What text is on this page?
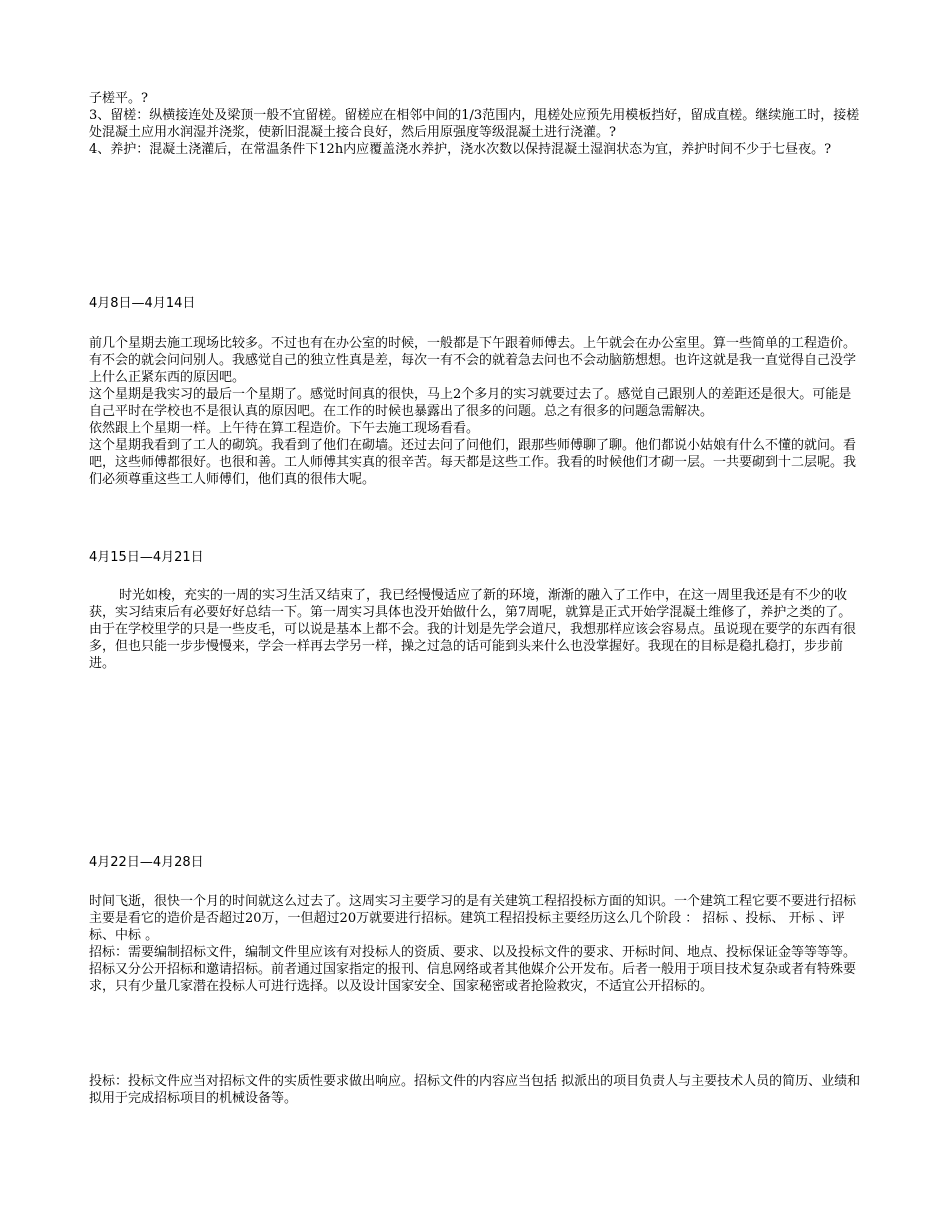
子槎平。?

3、留槎：纵横接连处及梁顶一般不宜留槎。留槎应在相邻中间的1/3范围内，甩槎处应预先用模板挡好，留成直槎。继续施工时，接槎处混凝土应用水润湿并浇浆，使新旧混凝土接合良好，然后用原强度等级混凝土进行浇灌。?

4、养护：混凝土浇灌后，在常温条件下12h内应覆盖浇水养护，浇水次数以保持混凝土湿润状态为宜，养护时间不少于七昼夜。?

4月8日—4月14日

前几个星期去施工现场比较多。不过也有在办公室的时候，一般都是下午跟着师傅去。上午就会在办公室里。算一些简单的工程造价。有不会的就会问问别人。我感觉自己的独立性真是差，每次一有不会的就着急去问也不会动脑筋想想。也许这就是我一直觉得自己没学上什么正紧东西的原因吧。

这个星期是我实习的最后一个星期了。感觉时间真的很快，马上2个多月的实习就要过去了。感觉自己跟别人的差距还是很大。可能是自己平时在学校也不是很认真的原因吧。在工作的时候也暴露出了很多的问题。总之有很多的问题急需解决。

依然跟上个星期一样。上午待在算工程造价。下午去施工现场看看。

这个星期我看到了工人的砌筑。我看到了他们在砌墙。还过去问了问他们，跟那些师傅聊了聊。他们都说小姑娘有什么不懂的就问。看吧，这些师傅都很好。也很和善。工人师傅其实真的很辛苦。每天都是这些工作。我看的时候他们才砌一层。一共要砌到十二层呢。我们必须尊重这些工人师傅们，他们真的很伟大呢。

4月15日—4月21日

时光如梭，充实的一周的实习生活又结束了，我已经慢慢适应了新的环境，渐渐的融入了工作中，在这一周里我还是有不少的收获，实习结束后有必要好好总结一下。第一周实习具体也没开始做什么，第7周呢，就算是正式开始学混凝土维修了，养护之类的了。由于在学校里学的只是一些皮毛，可以说是基本上都不会。我的计划是先学会道尺，我想那样应该会容易点。虽说现在要学的东西有很多，但也只能一步步慢慢来，学会一样再去学另一样，操之过急的话可能到头来什么也没掌握好。我现在的目标是稳扎稳打，步步前进。

4月22日—4月28日

时间飞逝，很快一个月的时间就这么过去了。这周实习主要学习的是有关建筑工程招投标方面的知识。一个建筑工程它要不要进行招标主要是看它的造价是否超过20万，一但超过20万就要进行招标。建筑工程招投标主要经历这么几个阶段 ： 招标 、投标、 开标 、评标、中标 。

招标：需要编制招标文件，编制文件里应该有对投标人的资质、要求、以及投标文件的要求、开标时间、地点、投标保证金等等等等。招标又分公开招标和邀请招标。前者通过国家指定的报刊、信息网络或者其他媒介公开发布。后者一般用于项目技术复杂或者有特殊要求，只有少量几家潜在投标人可进行选择。以及设计国家安全、国家秘密或者抢险救灾，不适宜公开招标的。

投标：投标文件应当对招标文件的实质性要求做出响应。招标文件的内容应当包括 拟派出的项目负责人与主要技术人员的简历、业绩和拟用于完成招标项目的机械设备等。
